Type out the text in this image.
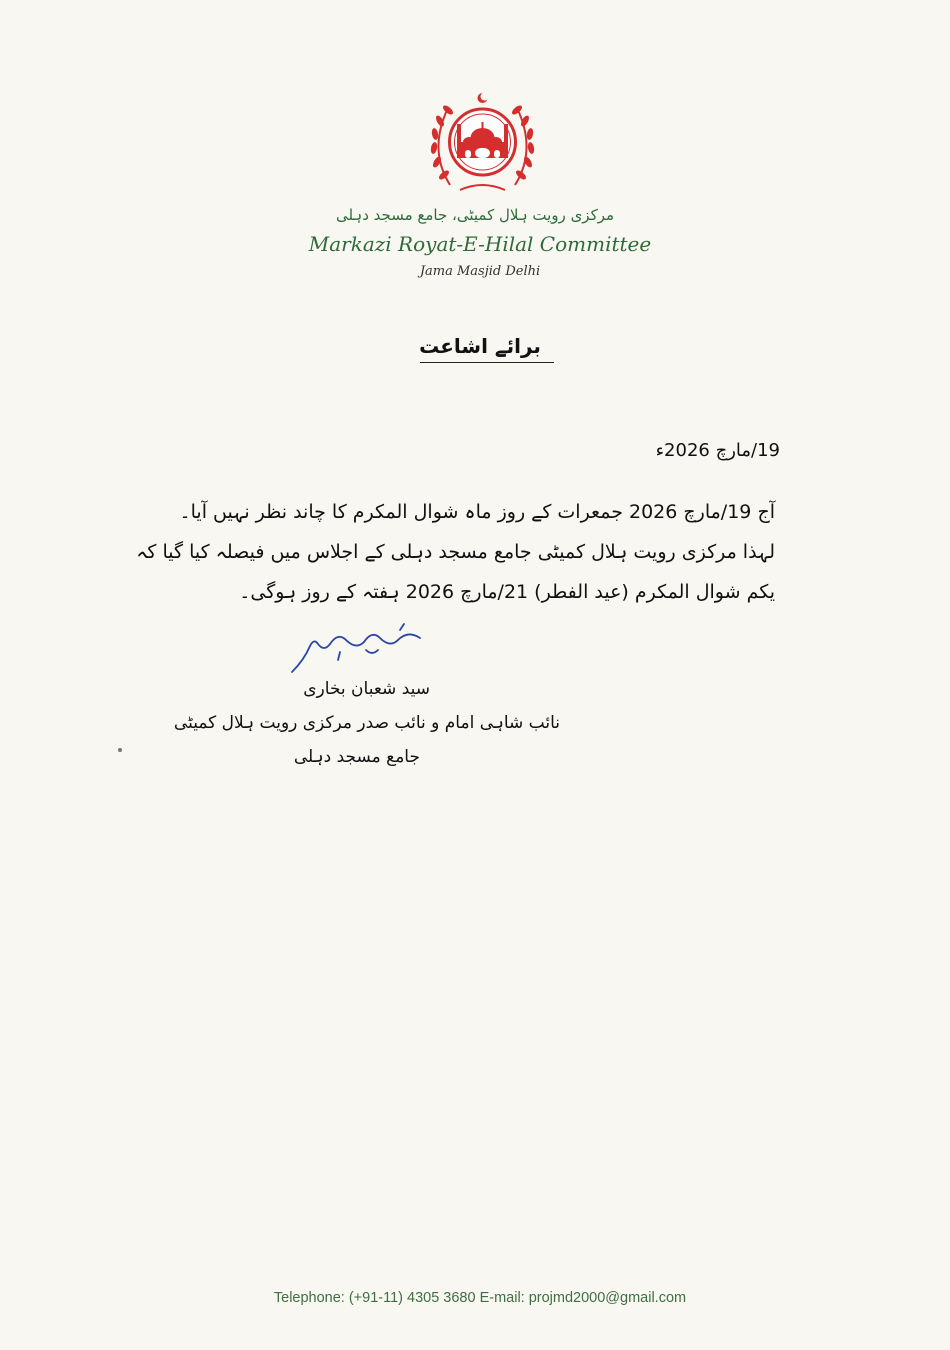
مرکزی رویت ہلال کمیٹی، جامع مسجد دہلی
Markazi Royat-E-Hilal Committee
Jama Masjid Delhi
برائے اشاعت
19/مارچ 2026ء
آج 19/مارچ 2026 جمعرات کے روز ماہ شوال المکرم کا چاند نظر نہیں آیا۔
لہذا مرکزی رویت ہلال کمیٹی جامع مسجد دہلی کے اجلاس میں فیصلہ کیا گیا کہ
یکم شوال المکرم (عید الفطر) 21/مارچ 2026 ہفتہ کے روز ہوگی۔
سید شعبان بخاری
نائب شاہی امام و نائب صدر مرکزی رویت ہلال کمیٹی
جامع مسجد دہلی
Telephone: (+91-11) 4305 3680 E-mail: projmd2000@gmail.com
